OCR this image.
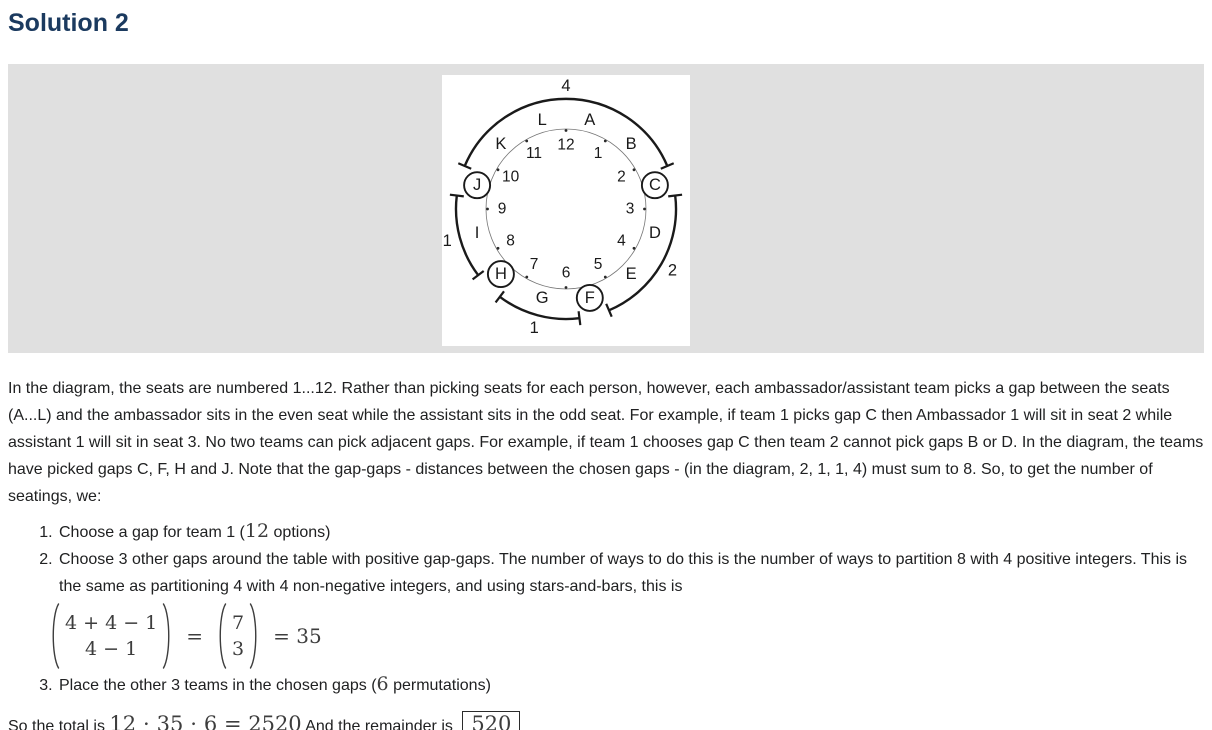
Solution 2
A
B
C
D
E
F
G
H
I
J
K
L
1
2
3
4
5
6
7
8
9
10
11
12
4
2
1
1
In the diagram, the seats are numbered 1...12. Rather than picking seats for each person, however, each ambassador/assistant team picks a gap between the seats (A...L) and the ambassador sits in the even seat while the assistant sits in the odd seat. For example, if team 1 picks gap C then Ambassador 1 will sit in seat 2 while assistant 1 will sit in seat 3. No two teams can pick adjacent gaps. For example, if team 1 chooses gap C then team 2 cannot pick gaps B or D. In the diagram, the teams have picked gaps C, F, H and J. Note that the gap-gaps - distances between the chosen gaps - (in the diagram, 2, 1, 1, 4) must sum to 8. So, to get the number of seatings, we:
1. Choose a gap for team 1 (12 options)
2. Choose 3 other gaps around the table with positive gap-gaps. The number of ways to do this is the number of ways to partition 8 with 4 positive integers. This is the same as partitioning 4 with 4 non-negative integers, and using stars-and-bars, this is
4 + 4 − 1
4 − 1
=
7
3
= 35
3. Place the other 3 teams in the chosen gaps (6 permutations)
So the total is 12 ⋅ 35 ⋅ 6 = 2520 And the remainder is 520
